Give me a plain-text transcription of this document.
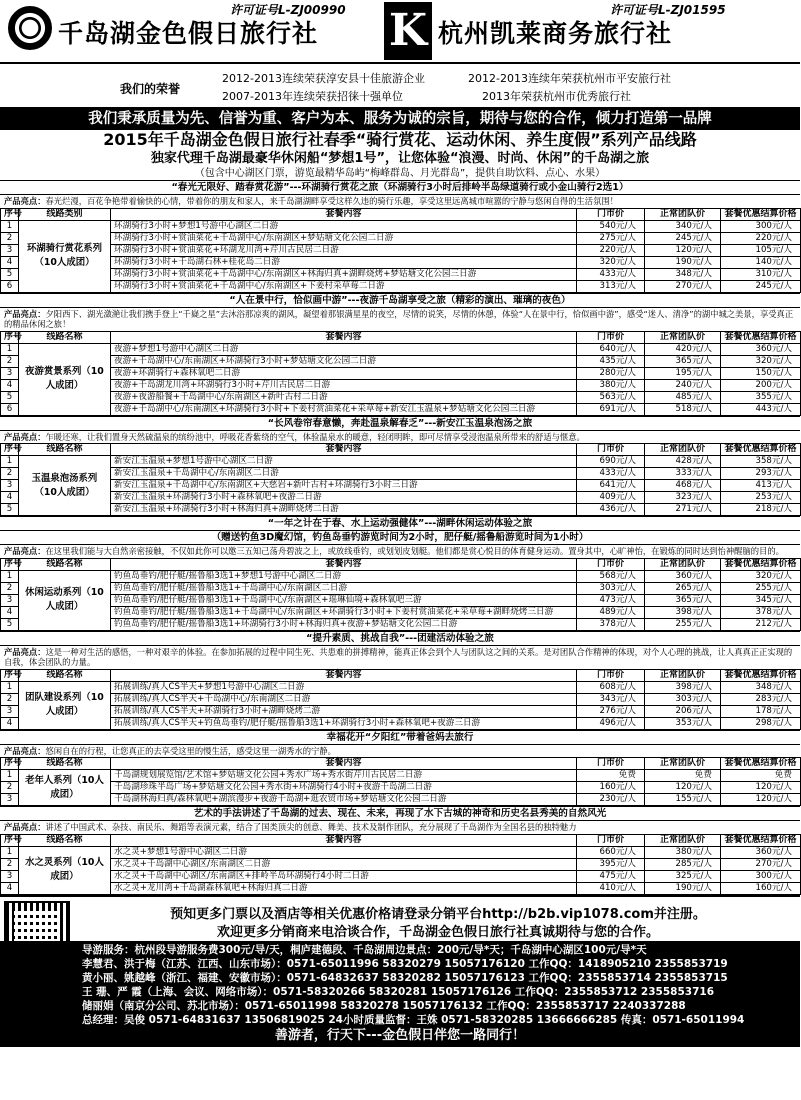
许可证号L-ZJ00990
千岛湖金色假日旅行社 K	许可证号L-ZJ01595
杭州凯莱商务旅行社
我们的荣誉
2012-2013连续荣获淳安县十佳旅游企业	2012-2013连续年荣获杭州市平安旅行社
2007-2013年连续荣获招徕十强单位	2013年荣获杭州市优秀旅行社
我们秉承质量为先、信誉为重、客户为本、服务为诚的宗旨，期待与您的合作，倾力打造第一品牌
2015年千岛湖金色假日旅行社春季“骑行赏花、运动休闲、养生度假”系列产品线路
独家代理千岛湖最豪华休闲船“梦想1号”，让您体验“浪漫、时尚、休闲”的千岛湖之旅
（包含中心湖区门票，游览最精华岛屿“梅峰群岛、月光群岛”，提供自助饮料、点心、水果）
“春光无限好、踏春赏花游”---环湖骑行赏花之旅（环湖骑行3小时后排岭半岛绿道骑行或小金山骑行2选1）
产品亮点：春光烂漫，百花争艳带着愉快的心情，带着你的朋友和家人，来千岛湖湖畔享受这样久违的骑行乐趣，享受这里远离城市喧嚣的宁静与悠闲自得的生活氛围！
序号	线路类别	套餐内容	门市价	正常团队价	套餐优惠结算价格
1	环湖骑行赏花系列（10人成团）	环湖骑行3小时+梦想1号游中心湖区二日游	540元/人	340元/人	300元/人
2		环湖骑行3小时+赏油菜花+千岛湖中心/东南湖区+梦姑塘文化公园二日游	275元/人	245元/人	220元/人
3		环湖骑行3小时+赏油菜花+环湖龙川湾+芹川古民居二日游	220元/人	120元/人	105元/人
4		环湖骑行3小时+千岛湖石林+桂花岛二日游	320元/人	190元/人	140元/人
5		环湖骑行3小时+赏油菜花+千岛湖中心/东南湖区+林海归真+湖畔烧烤+梦姑塘文化公园三日游	433元/人	348元/人	310元/人
6		环湖骑行3小时+赏油菜花+千岛湖中心/东南湖区+下姜村采草莓二日游	313元/人	270元/人	245元/人
“人在景中行，恰似画中游”---夜游千岛湖享受之旅（精彩的演出、璀璃的夜色）
产品亮点：夕阳西下、湖光潋滟让我们携手登上“千嶷之星”去沐浴那凉爽的湖风，凝望着那银满星星的夜空，尽情的说笑，尽情的休憩，体验“人在景中行，恰似画中游”，感受“迷人、清净”的湖中城之美景，享受真正的精品休闲之旅！
序号	线路名称	套餐内容	门市价	正常团队价	套餐优惠结算价格
1	夜游赏景系列（10人成团）	夜游+梦想1号游中心湖区二日游	640元/人	420元/人	360元/人
2		夜游+千岛湖中心/东南湖区+环湖骑行3小时+梦姑塘文化公园二日游	435元/人	365元/人	320元/人
3		夜游+环湖骑行+森林氧吧二日游	280元/人	195元/人	150元/人
4		夜游+千岛湖龙川湾+环湖骑行3小时+芹川古民居二日游	380元/人	240元/人	200元/人
5		夜游+夜游船餐+千岛湖中心/东南湖区+新叶古村二日游	563元/人	485元/人	355元/人
6		夜游+千岛湖中心/东南湖区+环湖骑行3小时+下姜村赏油菜花+采草莓+新安江玉温泉+梦姑塘文化公园三日游	691元/人	518元/人	443元/人
“长风卷帘春意懒，奔赴温泉解春乏”---新安江玉温泉泡汤之旅
产品亮点：乍暖还寒，让我们置身天然硫温泉的缤纷池中，呼吸花香紫绕的空气，体验温泉水的暖意，轻闭明眸，即可尽情享受浸泡温泉所带来的舒适与惬意。
序号	线路名称	套餐内容	门市价	正常团队价	套餐优惠结算价格
1	玉温泉泡汤系列（10人成团）	新安江玉温泉+梦想1号游中心湖区二日游	690元/人	428元/人	358元/人
2		新安江玉温泉+千岛湖中心/东南湖区二日游	433元/人	333元/人	293元/人
3		新安江玉温泉+千岛湖中心/东南湖区+大慈岩+新叶古村+环湖骑行3小时三日游	641元/人	468元/人	413元/人
4		新安江玉温泉+环湖骑行3小时+森林氧吧+夜游二日游	409元/人	323元/人	253元/人
5		新安江玉温泉+环湖骑行3小时+林海归真+湖畔烧烤二日游	436元/人	271元/人	218元/人
“一年之计在于春、水上运动强健体”---湖畔休闲运动体验之旅
（赠送钓鱼3D魔幻馆，钓鱼岛垂钓游览时间为2小时，肥仔艇/摇鲁船游览时间为1小时）
产品亮点：在这里我们能与大自然亲密接触，不仅如此你可以邀三五知己荡舟碧波之上，或放线垂钓，或划划皮划艇。他们都是赏心悦目的体育健身运动。置身其中，心旷神怡，在锻炼的同时达到怡神醒脑的目的。
序号	线路名称	套餐内容	门市价	正常团队价	套餐优惠结算价格
1	休闲运动系列（10人成团）	钓鱼岛垂钓/肥仔艇/摇鲁船3选1+梦想1号游中心湖区二日游	568元/人	360元/人	320元/人
2		钓鱼岛垂钓/肥仔艇/摇鲁船3选1+千岛湖中心/东南湖区二日游	303元/人	265元/人	255元/人
3		钓鱼岛垂钓/肥仔艇/摇鲁船3选1+千岛湖中心/东南湖区+瑶琳仙境+森林氧吧三游	473元/人	365元/人	345元/人
4		钓鱼岛垂钓/肥仔艇/摇鲁船3选1+千岛湖中心/东南湖区+环湖骑行3小时+下姜村赏油菜花+采草莓+湖畔烧烤三日游	489元/人	398元/人	378元/人
5		钓鱼岛垂钓/肥仔艇/摇鲁船3选1+环湖骑行3小时+林海归真+夜游+梦姑塘文化公园二日游	378元/人	255元/人	212元/人
“提升素质、挑战自我”---团建活动体验之旅
产品亮点：这是一种对生活的感悟，一种对艰辛的体验。在参加拓展的过程中同生死、共患难的拼搏精神，能真正体会到个人与团队这之间的关系。是对团队合作精神的体现，对个人心理的挑战，让人真真正正实现的自我，体会团队的力量。
序号	线路名称	套餐内容	门市价	正常团队价	套餐优惠结算价格
1	团队建设系列（10人成团）	拓展训练/真人CS半天+梦想1号游中心湖区二日游	608元/人	398元/人	348元/人
2		拓展训练/真人CS半天+千岛湖中心/东南湖区二日游	343元/人	303元/人	283元/人
3		拓展训练/真人CS半天+环湖骑行3小时+湖畔烧烤二游	276元/人	206元/人	178元/人
4		拓展训练/真人CS半天+钓鱼岛垂钓/肥仔艇/摇鲁船3选1+环湖骑行3小时+森林氧吧+夜游三日游	496元/人	353元/人	298元/人
幸福花开“夕阳红”带着爸妈去旅行
产品亮点：悠闲自在的行程，让您真正的去享受这里的慢生活，感受这里一湖秀水的宁静。
序号	线路名称	套餐内容	门市价	正常团队价	套餐优惠结算价格
1	老年人系列（10人成团）	千岛湖规划展览馆/艺术馆+梦姑塘文化公园+秀水广场+秀水街芹川古民居二日游	免费	免费	免费
2		千岛湖珍珠半岛广场+梦姑塘文化公园+秀水街+环湖骑行4小时+夜游千岛湖二日游	160元/人	120元/人	120元/人
3		千岛湖林海归真/森林氧吧+湖滨漫步+夜游千岛湖+逛农贸市场+梦姑塘文化公园二日游	230元/人	155元/人	120元/人
艺术的手法讲述了千岛湖的过去、现在、未来，再现了水下古城的神奇和历史名县秀美的自然风光
产品亮点：讲述了中国武术、杂技、南民乐、舞蹈等表演元素，结合了国类顶尖的创意、舞美、技术及制作团队，充分展现了千岛湖作为全国名县的独特魅力
序号	线路名称	套餐内容	门市价	正常团队价	套餐优惠结算价格
1	水之灵系列（10人成团）	水之灵+梦想1号游中心湖区二日游	660元/人	380元/人	360元/人
2		水之灵+千岛湖中心湖区/东南湖区二日游	395元/人	285元/人	270元/人
3		水之灵+千岛湖中心湖区/东南湖区+排岭半岛环湖骑行4小时二日游	475元/人	325元/人	300元/人
4		水之灵+龙川湾+千岛湖森林氧吧+林海归真二日游	410元/人	190元/人	160元/人
预知更多门票以及酒店等相关优惠价格请登录分销平台http://b2b.vip1078.com并注册。
欢迎更多分销商来电洽谈合作，千岛湖金色假日旅行社真诚期待与您的合作。
导游服务：杭州段导游服务费300元/导/天，桐庐建德段、千岛湖周边景点：200元/导*天；千岛湖中心湖区100元/导*天
李慧君、洪于梅（江苏、江西、山东市场）：0571-65011996 58320279 15057176120 工作QQ：1418905210 2355853719
黄小丽、姚越峰（浙江、福建、安徽市场）：0571-64832637 58320282 15057176123 工作QQ：2355853714 2355853715
王 珊、严 霞（上海、会议、网络市场）：0571-58320266 58320281 15057176126 工作QQ：2355853712 2355853716
储丽娟（南京分公司、苏北市场）：0571-65011998 58320278 15057176132 工作QQ：2355853717 2240337288
总经理：吴俊 0571-64831637 13506819025 24小时质量监督：王姝 0571-58320285 13666666285 传真：0571-65011994
善游者，行天下---金色假日伴您一路同行！
扫一扫我们的官方微信
更多惊喜等着你
